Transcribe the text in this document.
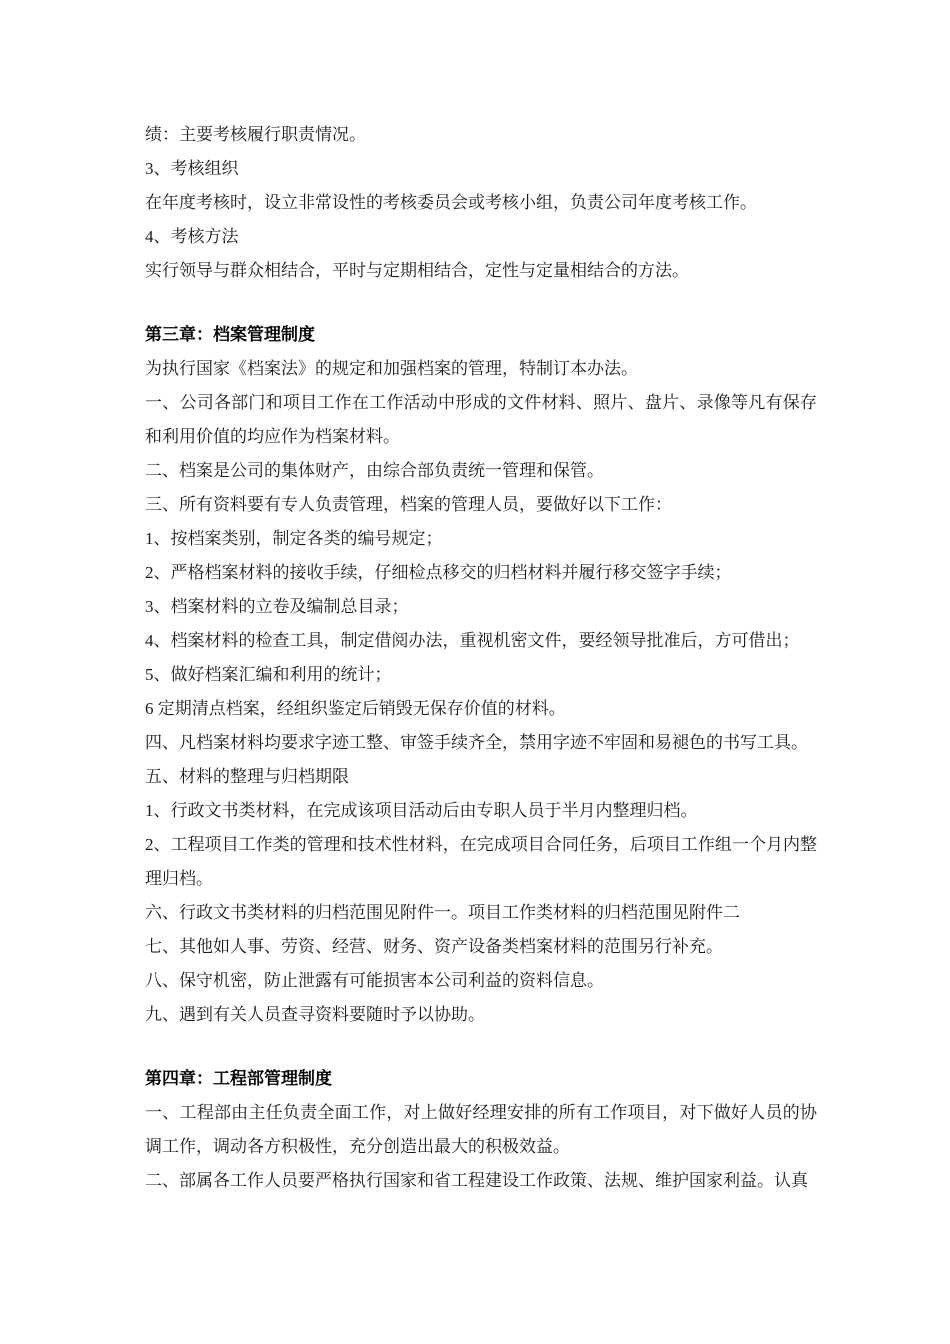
绩：主要考核履行职责情况。

3、考核组织

在年度考核时，设立非常设性的考核委员会或考核小组，负责公司年度考核工作。

4、考核方法

实行领导与群众相结合，平时与定期相结合，定性与定量相结合的方法。

第三章：档案管理制度

为执行国家《档案法》的规定和加强档案的管理，特制订本办法。

一、公司各部门和项目工作在工作活动中形成的文件材料、照片、盘片、录像等凡有保存和利用价值的均应作为档案材料。

二、档案是公司的集体财产，由综合部负责统一管理和保管。

三、所有资料要有专人负责管理，档案的管理人员，要做好以下工作：

1、按档案类别，制定各类的编号规定；

2、严格档案材料的接收手续，仔细检点移交的归档材料并履行移交签字手续；

3、档案材料的立卷及编制总目录；

4、档案材料的检查工具，制定借阅办法，重视机密文件，要经领导批准后，方可借出；

5、做好档案汇编和利用的统计；

6 定期清点档案，经组织鉴定后销毁无保存价值的材料。

四、凡档案材料均要求字迹工整、审签手续齐全，禁用字迹不牢固和易褪色的书写工具。

五、材料的整理与归档期限

1、行政文书类材料，在完成该项目活动后由专职人员于半月内整理归档。

2、工程项目工作类的管理和技术性材料，在完成项目合同任务，后项目工作组一个月内整理归档。

六、行政文书类材料的归档范围见附件一。项目工作类材料的归档范围见附件二

七、其他如人事、劳资、经营、财务、资产设备类档案材料的范围另行补充。

八、保守机密，防止泄露有可能损害本公司利益的资料信息。

九、遇到有关人员查寻资料要随时予以协助。

第四章：工程部管理制度

一、工程部由主任负责全面工作，对上做好经理安排的所有工作项目，对下做好人员的协调工作，调动各方积极性，充分创造出最大的积极效益。

二、部属各工作人员要严格执行国家和省工程建设工作政策、法规、维护国家利益。认真
